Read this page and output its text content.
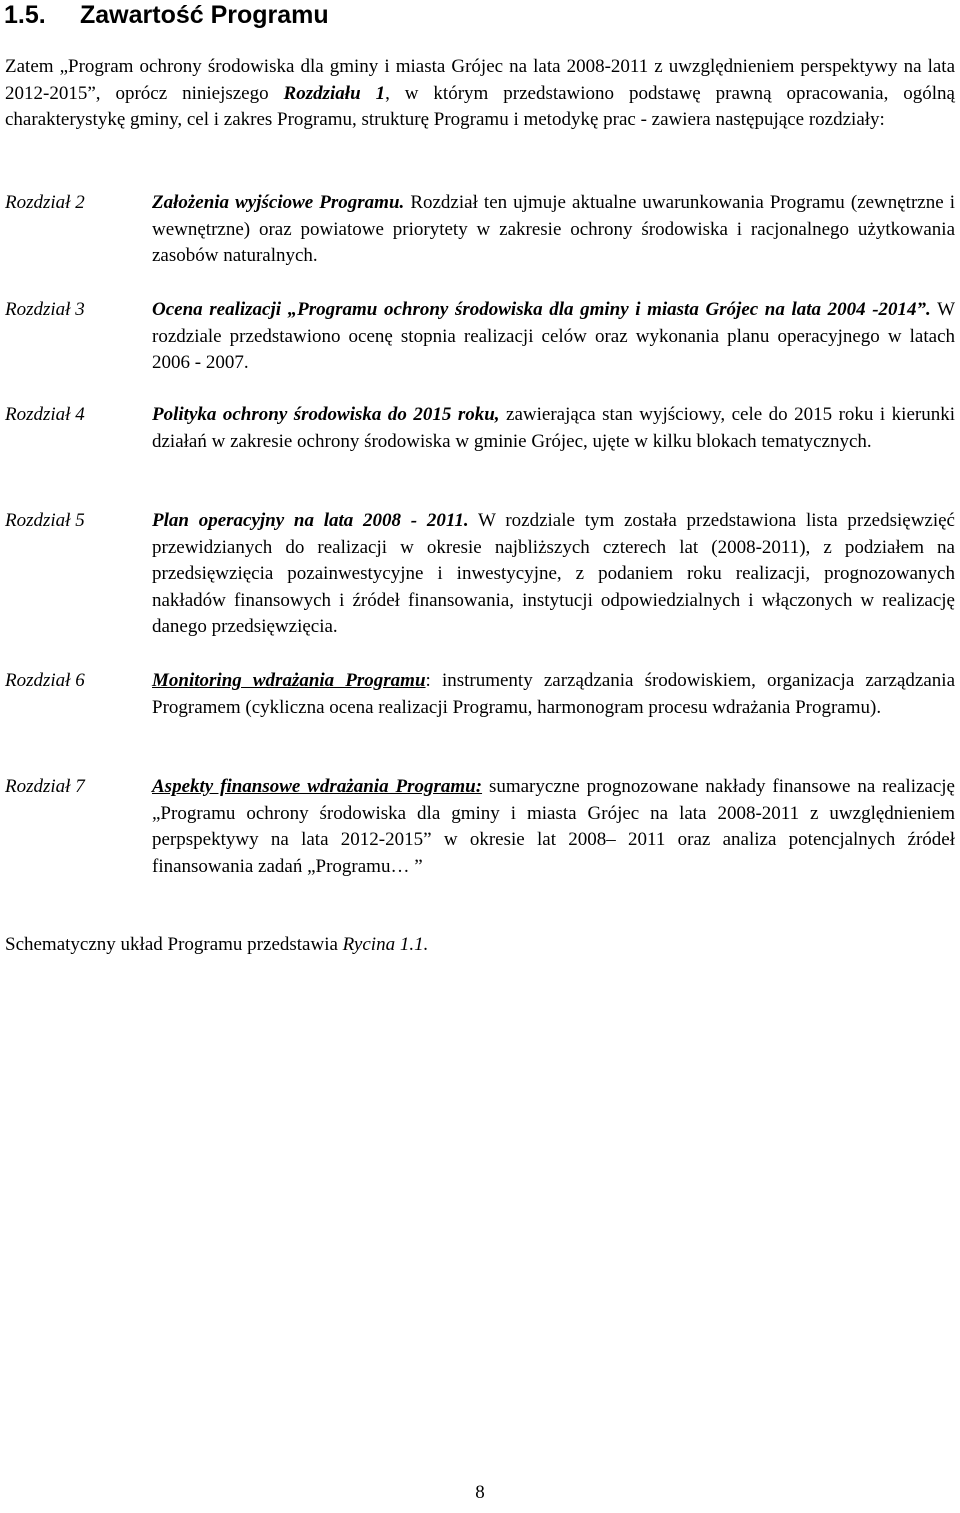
1.5. Zawartość Programu

Zatem „Program ochrony środowiska dla gminy i miasta Grójec na lata 2008-2011 z uwzględnieniem perspektywy na lata 2012-2015”, oprócz niniejszego Rozdziału 1, w którym przedstawiono podstawę prawną opracowania, ogólną charakterystykę gminy, cel i zakres Programu, strukturę Programu i metodykę prac - zawiera następujące rozdziały:

Rozdział 2	Założenia wyjściowe Programu. Rozdział ten ujmuje aktualne uwarunkowania Programu (zewnętrzne i wewnętrzne) oraz powiatowe priorytety w zakresie ochrony środowiska i racjonalnego użytkowania zasobów naturalnych.

Rozdział 3	Ocena realizacji „Programu ochrony środowiska dla gminy i miasta Grójec na lata 2004 -2014”. W rozdziale przedstawiono ocenę stopnia realizacji celów oraz wykonania planu operacyjnego w latach 2006 - 2007.

Rozdział 4	Polityka ochrony środowiska do 2015 roku, zawierająca stan wyjściowy, cele do 2015 roku i kierunki działań w zakresie ochrony środowiska w gminie Grójec, ujęte w kilku blokach tematycznych.

Rozdział 5	Plan operacyjny na lata 2008 - 2011. W rozdziale tym została przedstawiona lista przedsięwzięć przewidzianych do realizacji w okresie najbliższych czterech lat (2008-2011), z podziałem na przedsięwzięcia pozainwestycyjne i inwestycyjne, z podaniem roku realizacji, prognozowanych nakładów finansowych i źródeł finansowania, instytucji odpowiedzialnych i włączonych w realizację danego przedsięwzięcia.

Rozdział 6	Monitoring wdrażania Programu: instrumenty zarządzania środowiskiem, organizacja zarządzania Programem (cykliczna ocena realizacji Programu, harmonogram procesu wdrażania Programu).

Rozdział 7	Aspekty finansowe wdrażania Programu: sumaryczne prognozowane nakłady finansowe na realizację „Programu ochrony środowiska dla gminy i miasta Grójec na lata 2008-2011 z uwzględnieniem perpspektywy na lata 2012-2015” w okresie lat 2008– 2011 oraz analiza potencjalnych źródeł finansowania zadań „Programu… ”

Schematyczny układ Programu przedstawia Rycina 1.1.

8
